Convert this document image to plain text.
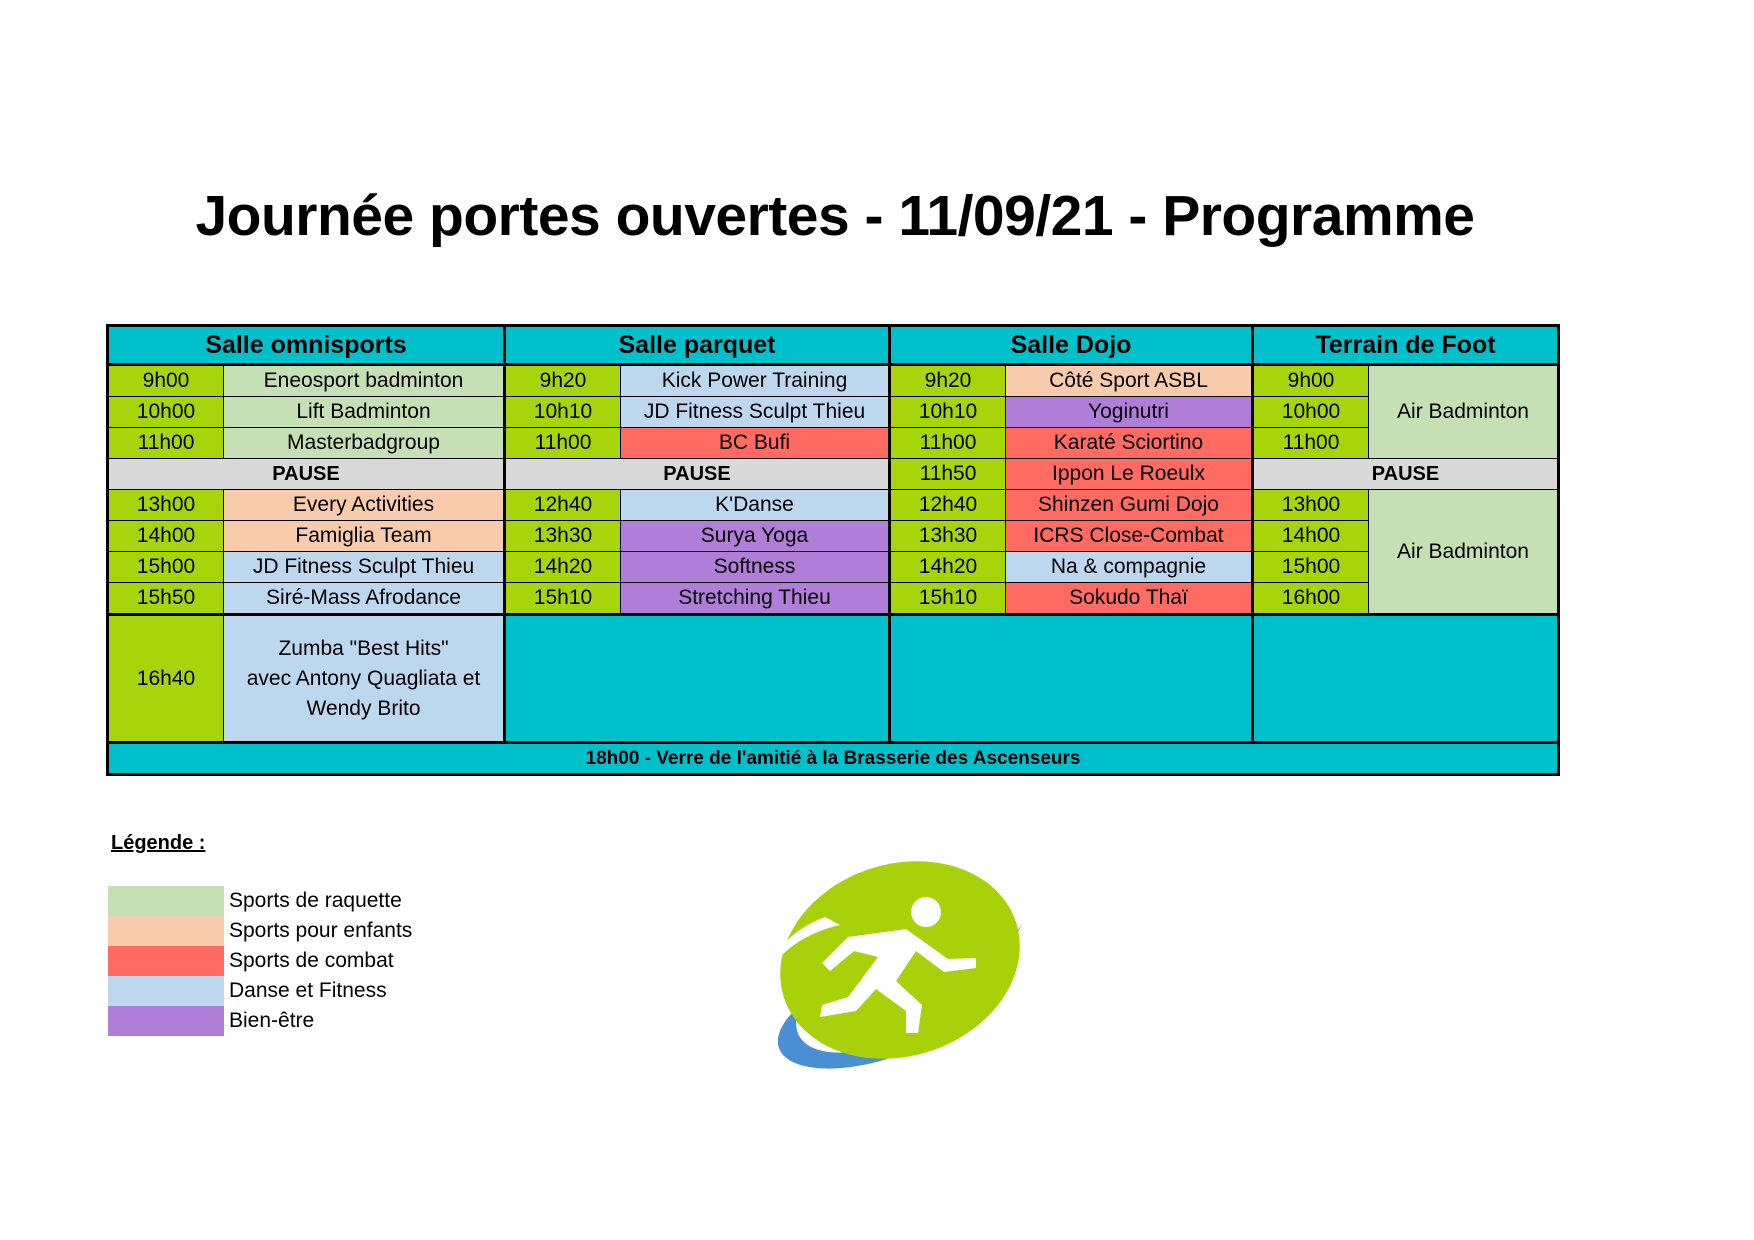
Journée portes ouvertes - 11/09/21 - Programme
Salle omnisports		Salle parquet		Salle Dojo		Terrain de Foot	
9h00	Eneosport badminton	9h20	Kick Power Training	9h20	Côté Sport ASBL	9h00	Air Badminton
10h00	Lift Badminton	10h10	JD Fitness Sculpt Thieu	10h10	Yoginutri	10h00	
11h00	Masterbadgroup	11h00	BC Bufi	11h00	Karaté Sciortino	11h00	
PAUSE		PAUSE		11h50	Ippon Le Roeulx	PAUSE	
13h00	Every Activities	12h40	K'Danse	12h40	Shinzen Gumi Dojo	13h00	Air Badminton
14h00	Famiglia Team	13h30	Surya Yoga	13h30	ICRS Close-Combat	14h00	
15h00	JD Fitness Sculpt Thieu	14h20	Softness	14h20	Na & compagnie	15h00	
15h50	Siré-Mass Afrodance	15h10	Stretching Thieu	15h10	Sokudo Thaï	16h00	
16h40	Zumba "Best Hits"
avec Antony Quagliata et
Wendy Brito						

18h00 - Verre de l'amitié à la Brasserie des Ascenseurs							
Légende :
Sports de raquette
Sports pour enfants
Sports de combat
Danse et Fitness
Bien-être
